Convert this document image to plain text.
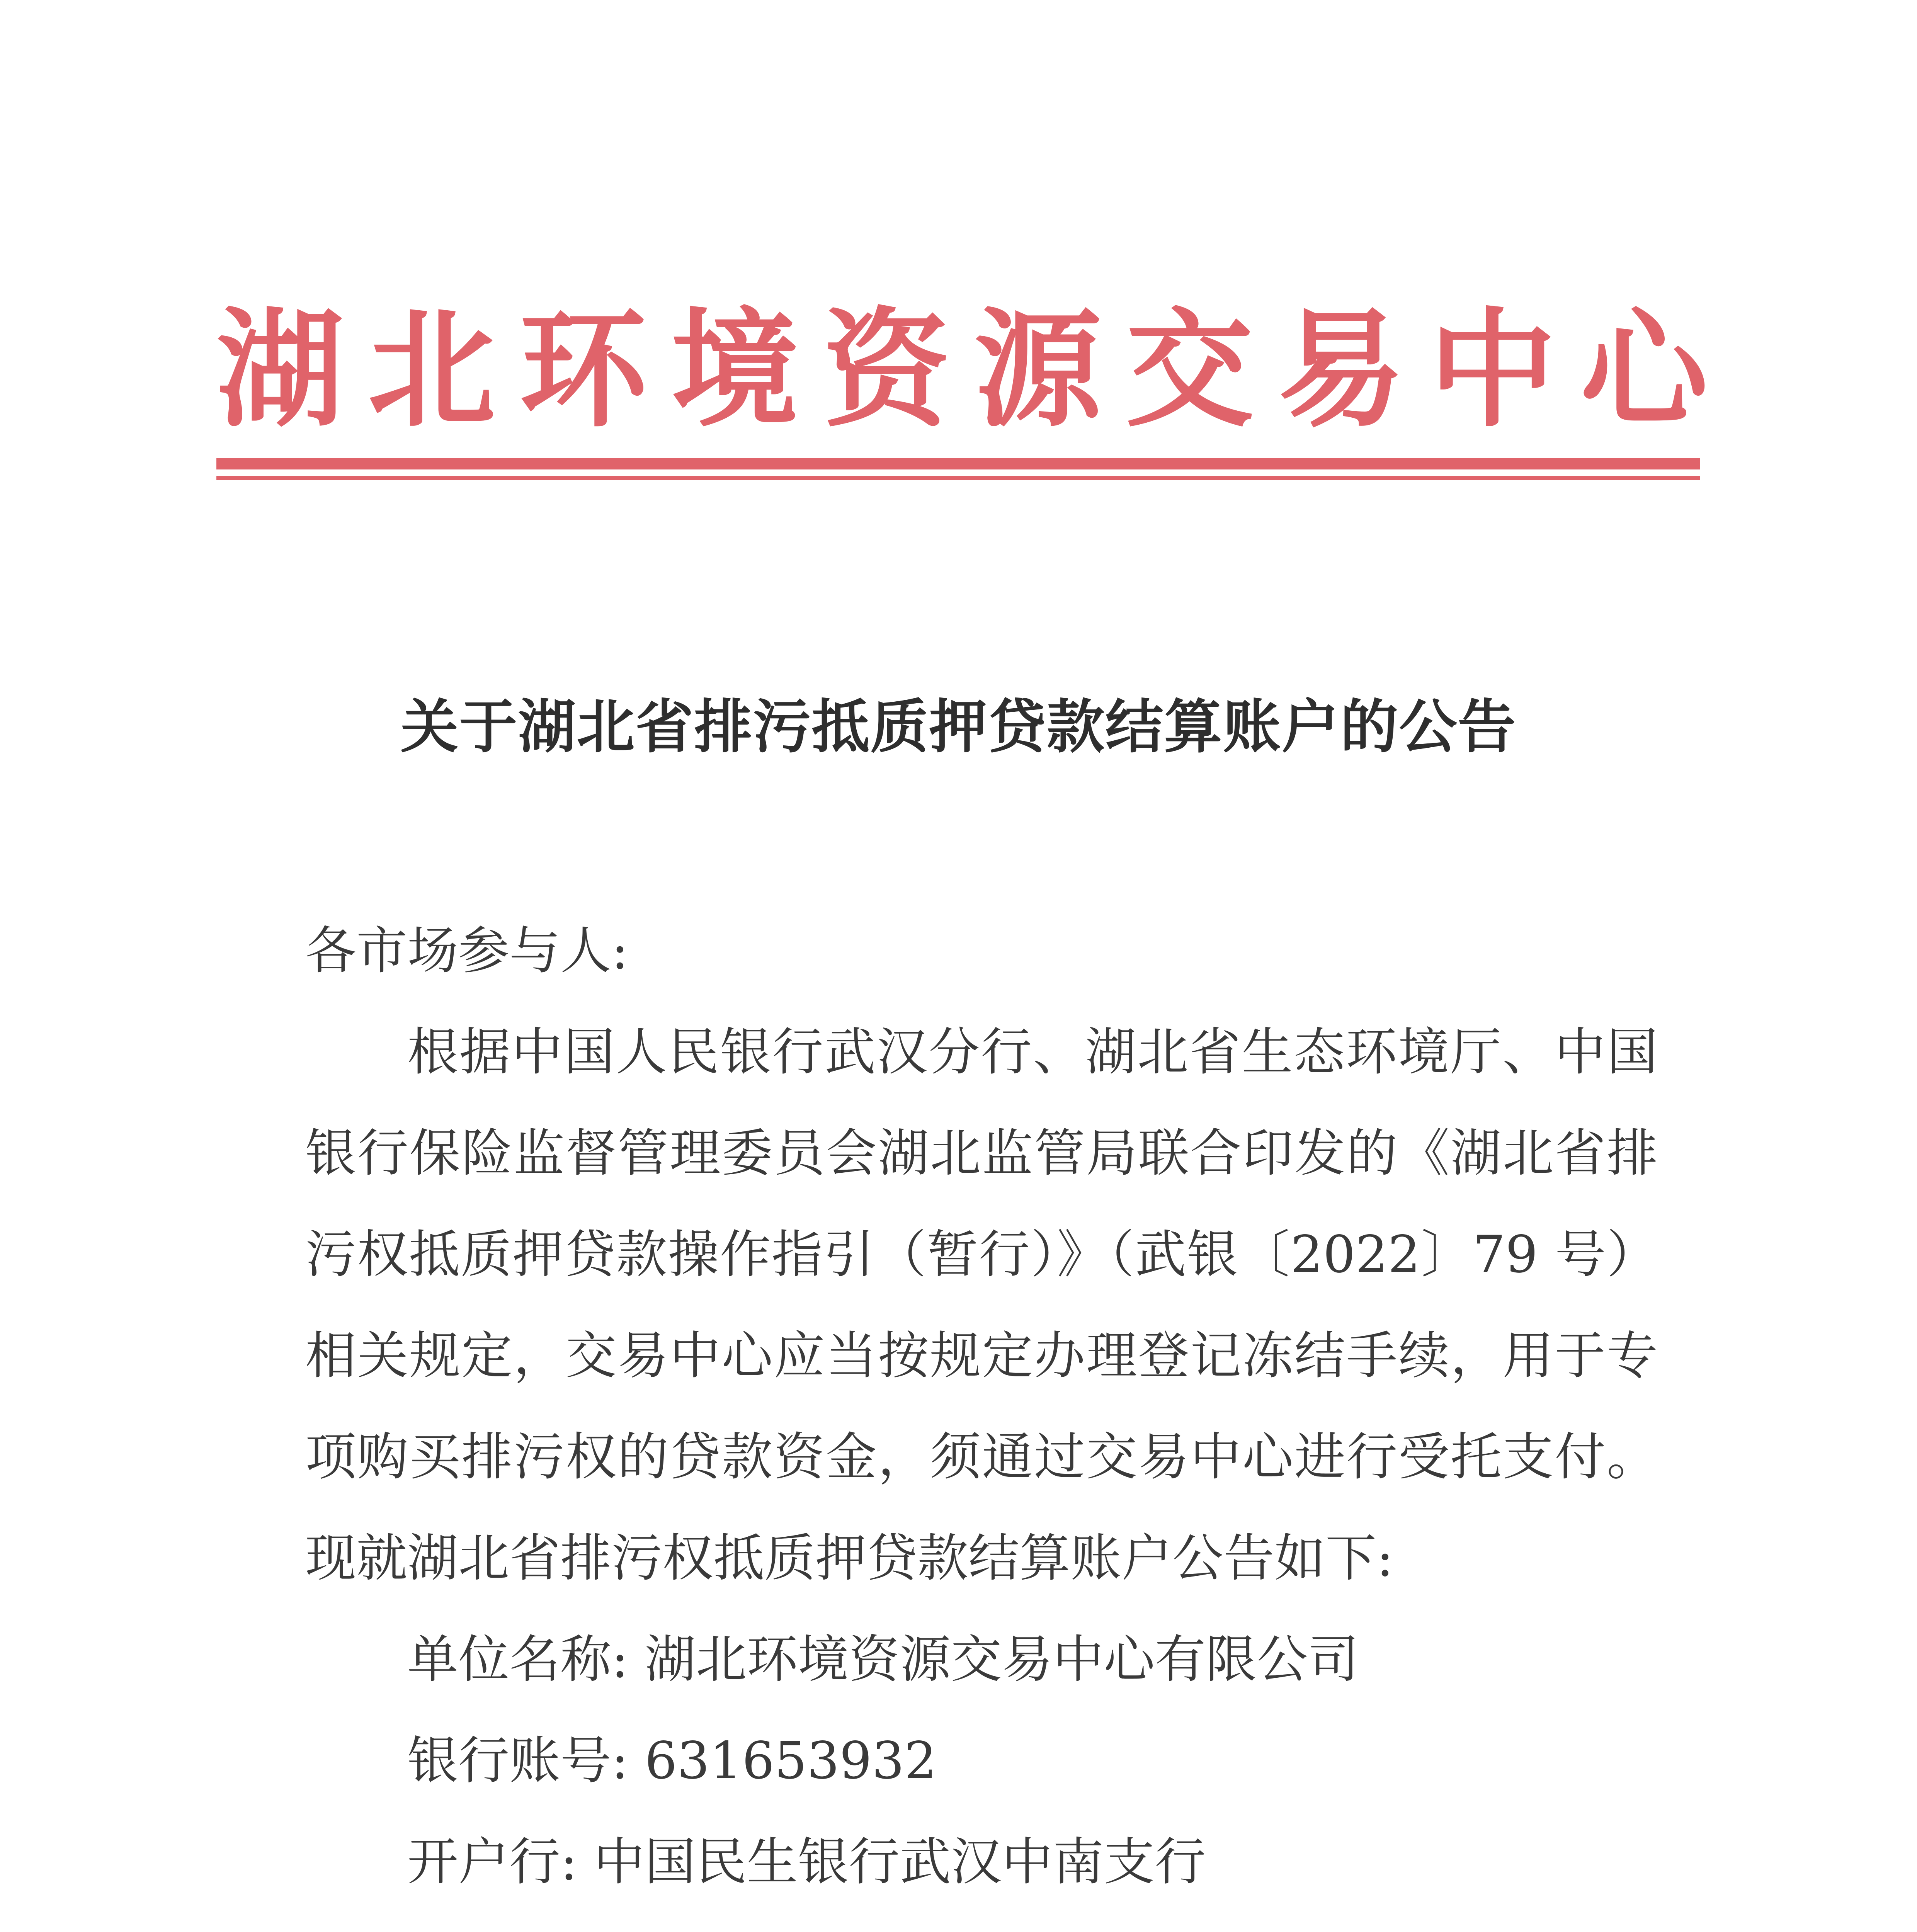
湖 北 环 境 资 源 交 易 中 心
关于湖北省排污抵质押贷款结算账户的公告

各市场参与人:

根据中国人民银行武汉分行、湖北省生态环境厅、中国银行保险监督管理委员会湖北监管局联合印发的《湖北省排污权抵质押贷款操作指引（暂行）》（武银〔2022〕79 号）相关规定，交易中心应当按规定办理登记冻结手续，用于专项购买排污权的贷款资金，须通过交易中心进行受托支付。现就湖北省排污权抵质押贷款结算账户公告如下:

单位名称: 湖北环境资源交易中心有限公司
银行账号: 631653932
开户行: 中国民生银行武汉中南支行
